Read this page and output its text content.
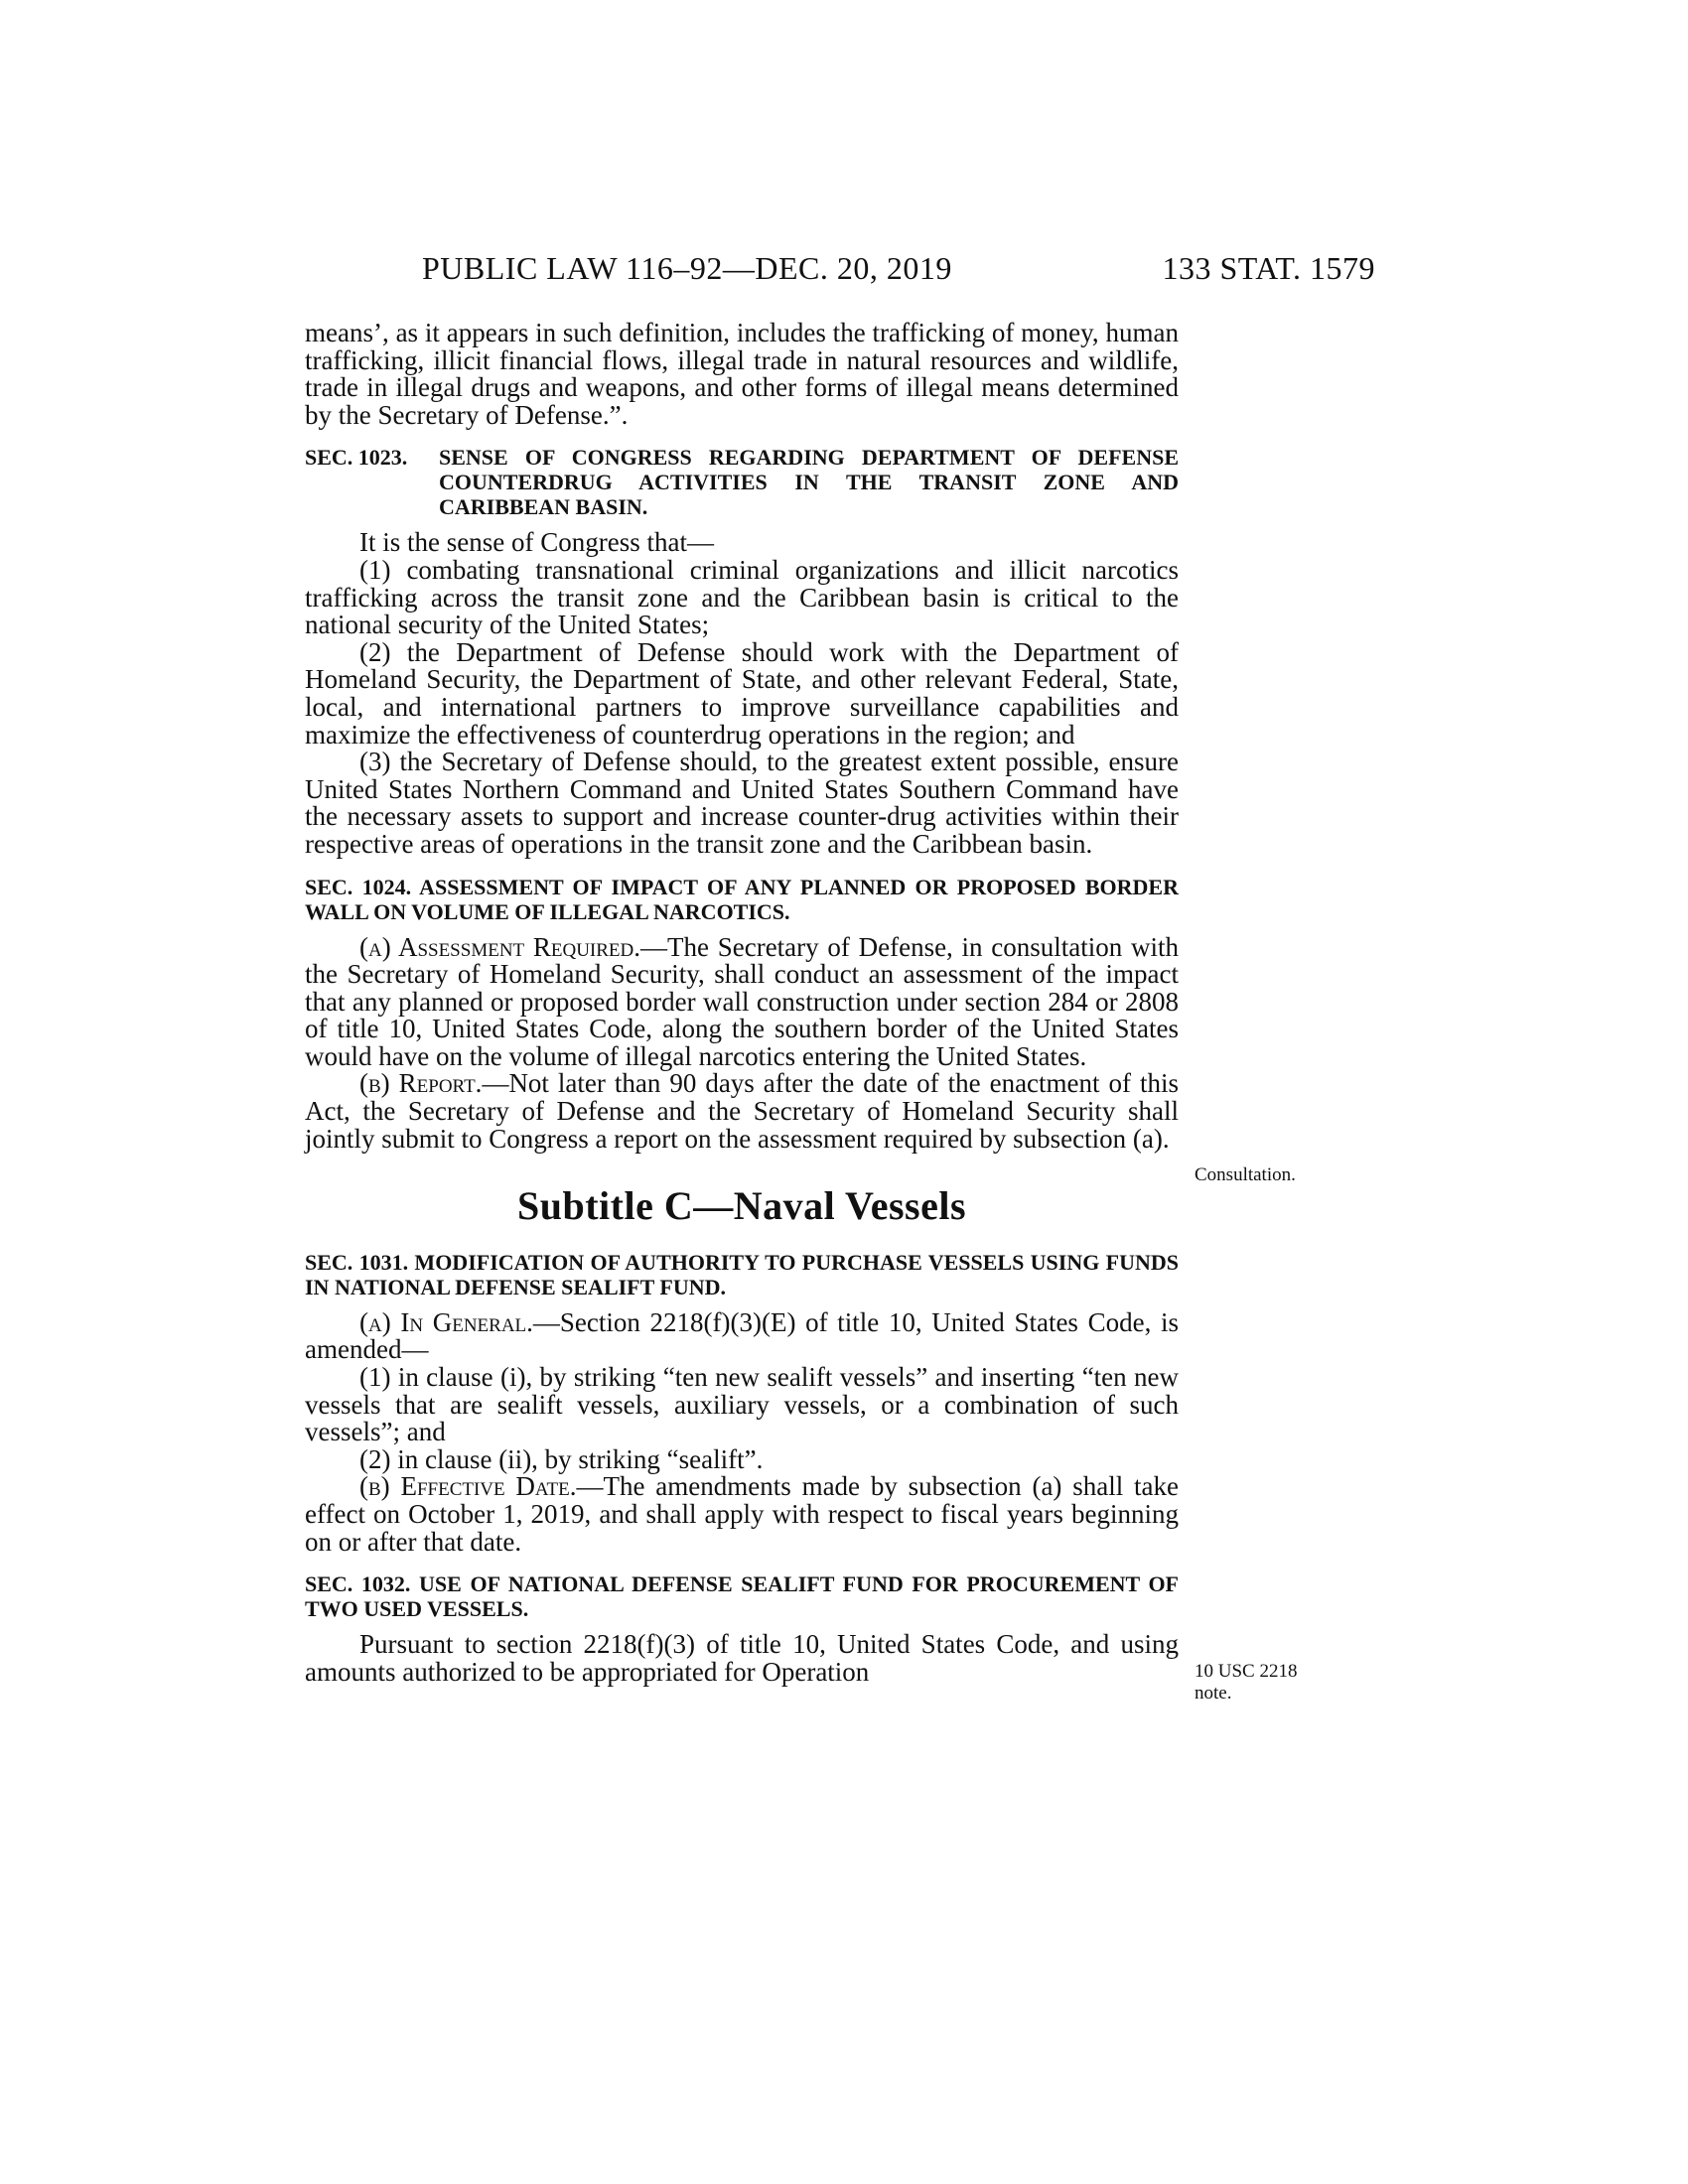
PUBLIC LAW 116–92—DEC. 20, 2019	133 STAT. 1579

means’, as it appears in such definition, includes the trafficking of money, human trafficking, illicit financial flows, illegal trade in natural resources and wildlife, trade in illegal drugs and weapons, and other forms of illegal means determined by the Secretary of Defense.”.

SEC. 1023.	SENSE OF CONGRESS REGARDING DEPARTMENT OF DEFENSE COUNTERDRUG ACTIVITIES IN THE TRANSIT ZONE AND CARIBBEAN BASIN.

It is the sense of Congress that—

(1) combating transnational criminal organizations and illicit narcotics trafficking across the transit zone and the Caribbean basin is critical to the national security of the United States;

(2) the Department of Defense should work with the Department of Homeland Security, the Department of State, and other relevant Federal, State, local, and international partners to improve surveillance capabilities and maximize the effectiveness of counterdrug operations in the region; and

(3) the Secretary of Defense should, to the greatest extent possible, ensure United States Northern Command and United States Southern Command have the necessary assets to support and increase counter-drug activities within their respective areas of operations in the transit zone and the Caribbean basin.

SEC. 1024. ASSESSMENT OF IMPACT OF ANY PLANNED OR PROPOSED BORDER WALL ON VOLUME OF ILLEGAL NARCOTICS.

(a) Assessment Required.—The Secretary of Defense, in consultation with the Secretary of Homeland Security, shall conduct an assessment of the impact that any planned or proposed border wall construction under section 284 or 2808 of title 10, United States Code, along the southern border of the United States would have on the volume of illegal narcotics entering the United States.

(b) Report.—Not later than 90 days after the date of the enactment of this Act, the Secretary of Defense and the Secretary of Homeland Security shall jointly submit to Congress a report on the assessment required by subsection (a).

Subtitle C—Naval Vessels
SEC. 1031. MODIFICATION OF AUTHORITY TO PURCHASE VESSELS USING FUNDS IN NATIONAL DEFENSE SEALIFT FUND.

(a) In General.—Section 2218(f)(3)(E) of title 10, United States Code, is amended—

(1) in clause (i), by striking “ten new sealift vessels” and inserting “ten new vessels that are sealift vessels, auxiliary vessels, or a combination of such vessels”; and

(2) in clause (ii), by striking “sealift”.

(b) Effective Date.—The amendments made by subsection (a) shall take effect on October 1, 2019, and shall apply with respect to fiscal years beginning on or after that date.

SEC. 1032. USE OF NATIONAL DEFENSE SEALIFT FUND FOR PROCUREMENT OF TWO USED VESSELS.

Pursuant to section 2218(f)(3) of title 10, United States Code, and using amounts authorized to be appropriated for Operation

Consultation.
10 USC 2218
note.
